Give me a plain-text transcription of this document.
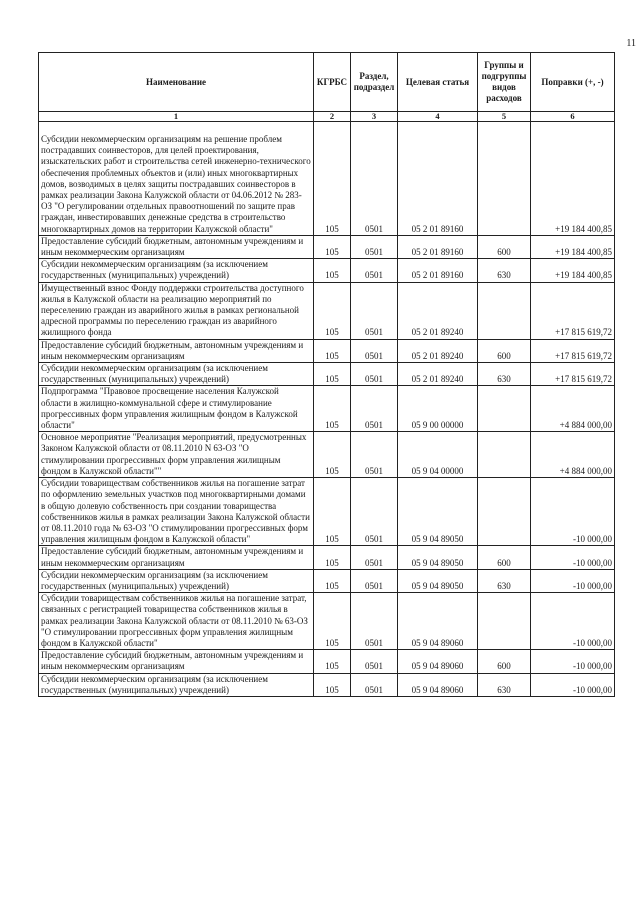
11
Наименование	КГРБС	Раздел, подраздел	Целевая статья	Группы и подгруппы видов расходов	Поправки (+, -)
1	2	3	4	5	6
Субсидии некоммерческим организациям на решение проблем пострадавших соинвесторов, для целей проектирования, изыскательских работ и строительства сетей инженерно-технического обеспечения проблемных объектов и (или) иных многоквартирных домов, возводимых в целях защиты пострадавших соинвесторов в рамках реализации Закона Калужской области от 04.06.2012 № 283-ОЗ "О регулировании отдельных правоотношений по защите прав граждан, инвестировавших денежные средства в строительство многоквартирных домов на территории Калужской области"	105	0501	05 2 01 89160		+19 184 400,85
Предоставление субсидий бюджетным, автономным учреждениям и иным некоммерческим организациям	105	0501	05 2 01 89160	600	+19 184 400,85
Субсидии некоммерческим организациям (за исключением государственных (муниципальных) учреждений)	105	0501	05 2 01 89160	630	+19 184 400,85
Имущественный взнос Фонду поддержки строительства доступного жилья в Калужской области на реализацию мероприятий по переселению граждан из аварийного жилья в рамках региональной адресной программы по переселению граждан из аварийного жилищного фонда	105	0501	05 2 01 89240		+17 815 619,72
Предоставление субсидий бюджетным, автономным учреждениям и иным некоммерческим организациям	105	0501	05 2 01 89240	600	+17 815 619,72
Субсидии некоммерческим организациям (за исключением государственных (муниципальных) учреждений)	105	0501	05 2 01 89240	630	+17 815 619,72
Подпрограмма "Правовое просвещение населения Калужской области в жилищно-коммунальной сфере и стимулирование прогрессивных форм управления жилищным фондом в Калужской области"	105	0501	05 9 00 00000		+4 884 000,00
Основное мероприятие "Реализация мероприятий, предусмотренных Законом Калужской области от 08.11.2010 N 63-ОЗ "О стимулировании прогрессивных форм управления жилищным фондом в Калужской области""	105	0501	05 9 04 00000		+4 884 000,00
Субсидии товариществам собственников жилья на погашение затрат по оформлению земельных участков под многоквартирными домами в общую долевую собственность при создании товарищества собственников жилья в рамках реализации Закона Калужской области от 08.11.2010 года № 63-ОЗ "О стимулировании прогрессивных форм управления жилищным фондом в Калужской области"	105	0501	05 9 04 89050		-10 000,00
Предоставление субсидий бюджетным, автономным учреждениям и иным некоммерческим организациям	105	0501	05 9 04 89050	600	-10 000,00
Субсидии некоммерческим организациям (за исключением государственных (муниципальных) учреждений)	105	0501	05 9 04 89050	630	-10 000,00
Субсидии товариществам собственников жилья на погашение затрат, связанных с регистрацией товарищества собственников жилья в рамках реализации Закона Калужской области от 08.11.2010 № 63-ОЗ "О стимулировании прогрессивных форм управления жилищным фондом в Калужской области"	105	0501	05 9 04 89060		-10 000,00
Предоставление субсидий бюджетным, автономным учреждениям и иным некоммерческим организациям	105	0501	05 9 04 89060	600	-10 000,00
Субсидии некоммерческим организациям (за исключением государственных (муниципальных) учреждений)	105	0501	05 9 04 89060	630	-10 000,00
